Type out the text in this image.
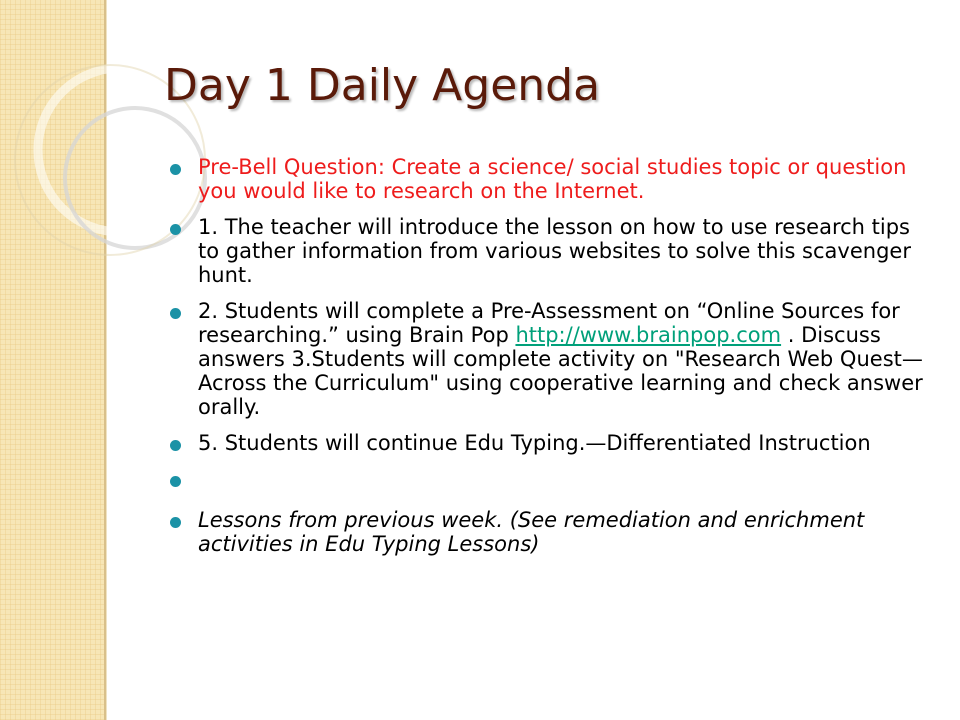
Day 1 Daily Agenda
Pre-Bell Question: Create a science/ social studies topic or question you would like to research on the Internet.
1. The teacher will introduce the lesson on how to use research tips to gather information from various websites to solve this scavenger hunt.
2. Students will complete a Pre-Assessment on “Online Sources for researching.” using Brain Pop http://www.brainpop.com . Discuss answers 3.Students will complete activity on "Research Web Quest—Across the Curriculum" using cooperative learning and check answer orally.
5. Students will continue Edu Typing.—Differentiated Instruction
Lessons from previous week. (See remediation and enrichment activities in Edu Typing Lessons)
